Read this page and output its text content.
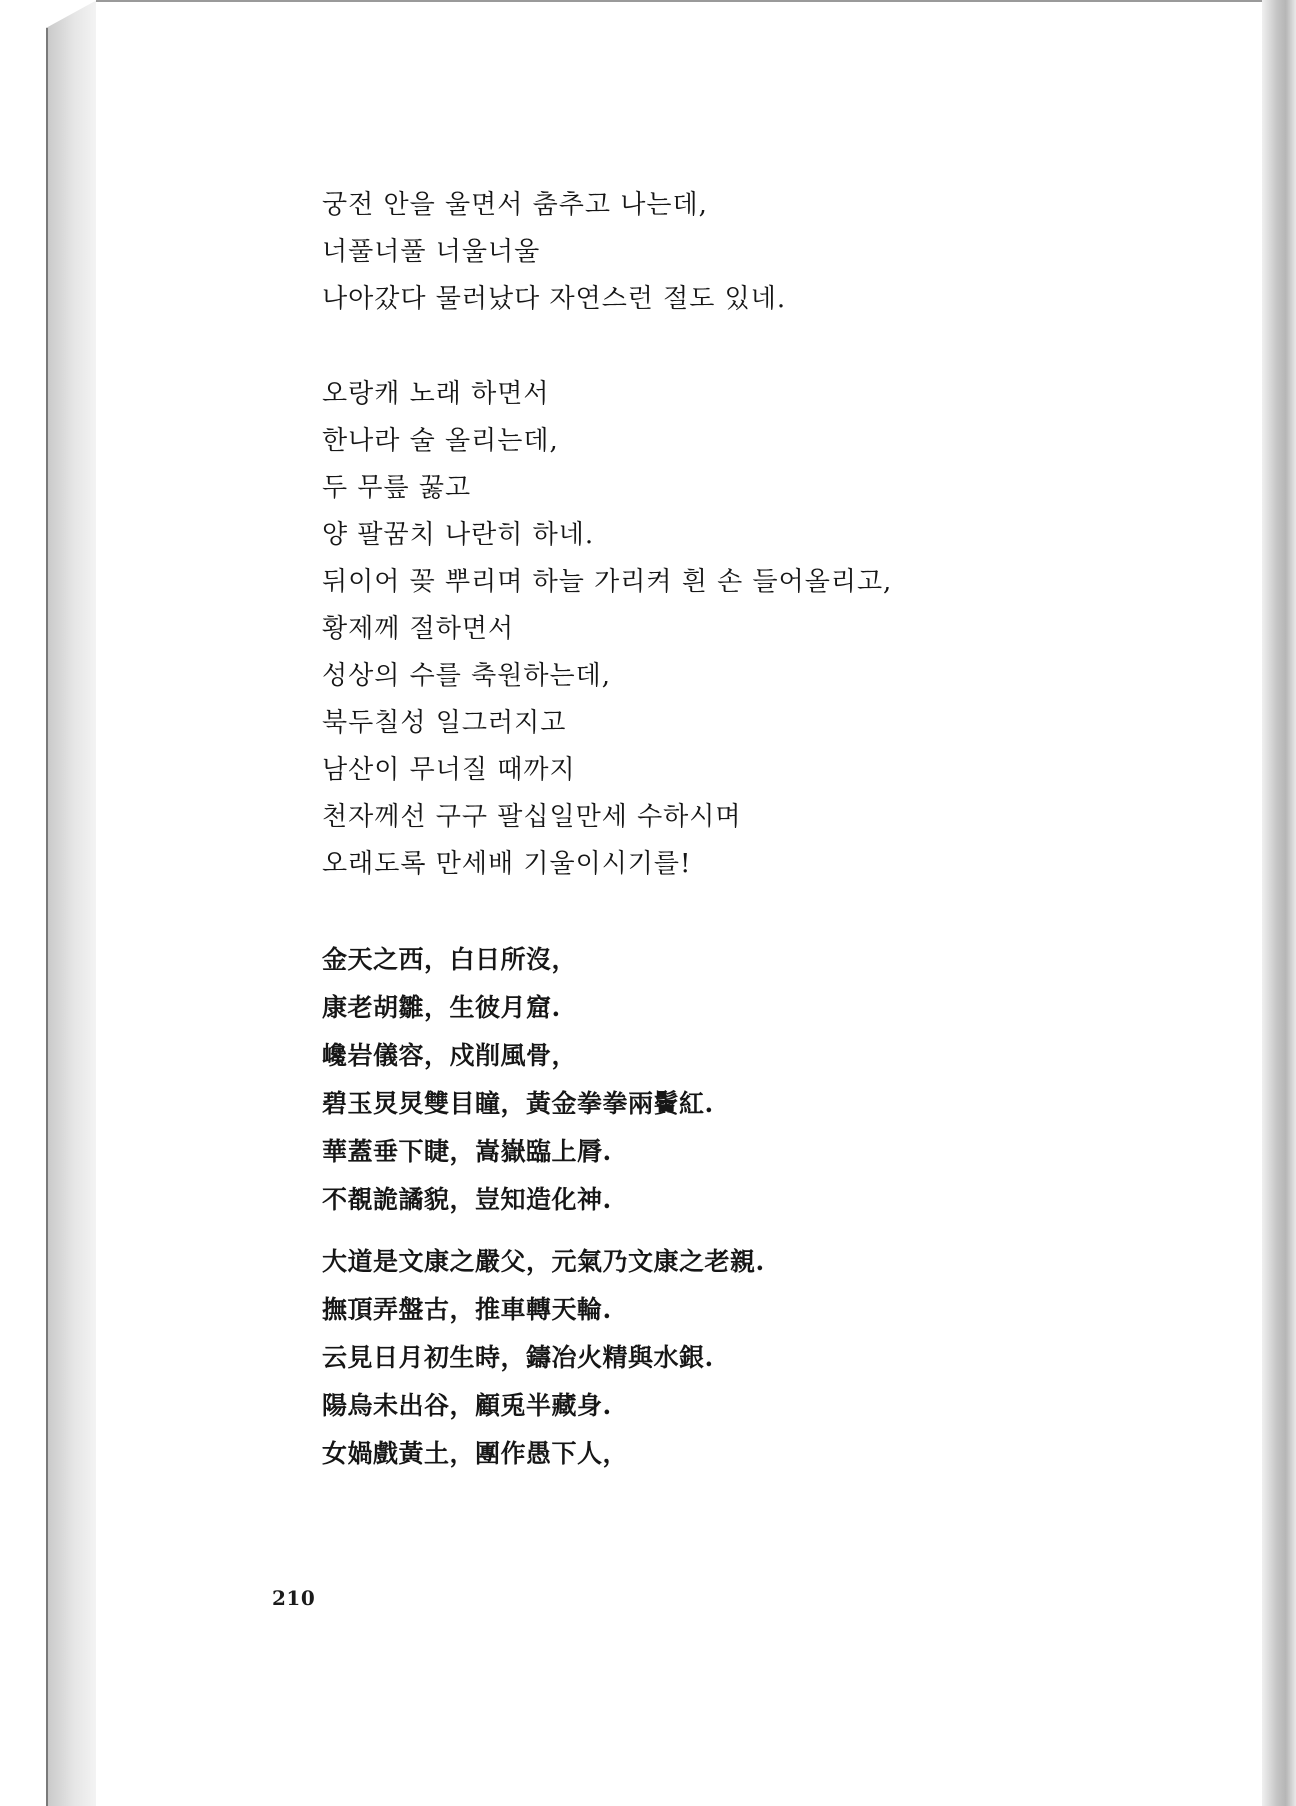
궁전 안을 울면서 춤추고 나는데,
너풀너풀 너울너울
나아갔다 물러났다 자연스런 절도 있네.
오랑캐 노래 하면서
한나라 술 올리는데,
두 무릎 꿇고
양 팔꿈치 나란히 하네.
뒤이어 꽂 뿌리며 하늘 가리켜 흰 손 들어올리고,
황제께 절하면서
성상의 수를 축원하는데,
북두칠성 일그러지고
남산이 무너질 때까지
천자께선 구구 팔십일만세 수하시며
오래도록 만세배 기울이시기를!
金天之西，白日所沒，
康老胡雛，生彼月窟.
巉岩儀容，戍削風骨，
碧玉炅炅雙目瞳，黃金拳拳兩鬢紅.
華蓋垂下睫，嵩嶽臨上脣.
不覩詭譎貌，豈知造化神.
大道是文康之嚴父，元氣乃文康之老親.
撫頂弄盤古，推車轉天輪.
云見日月初生時，鑄冶火精與水銀.
陽烏未出谷，顧兎半藏身.
女媧戲黃土，團作愚下人，
210
